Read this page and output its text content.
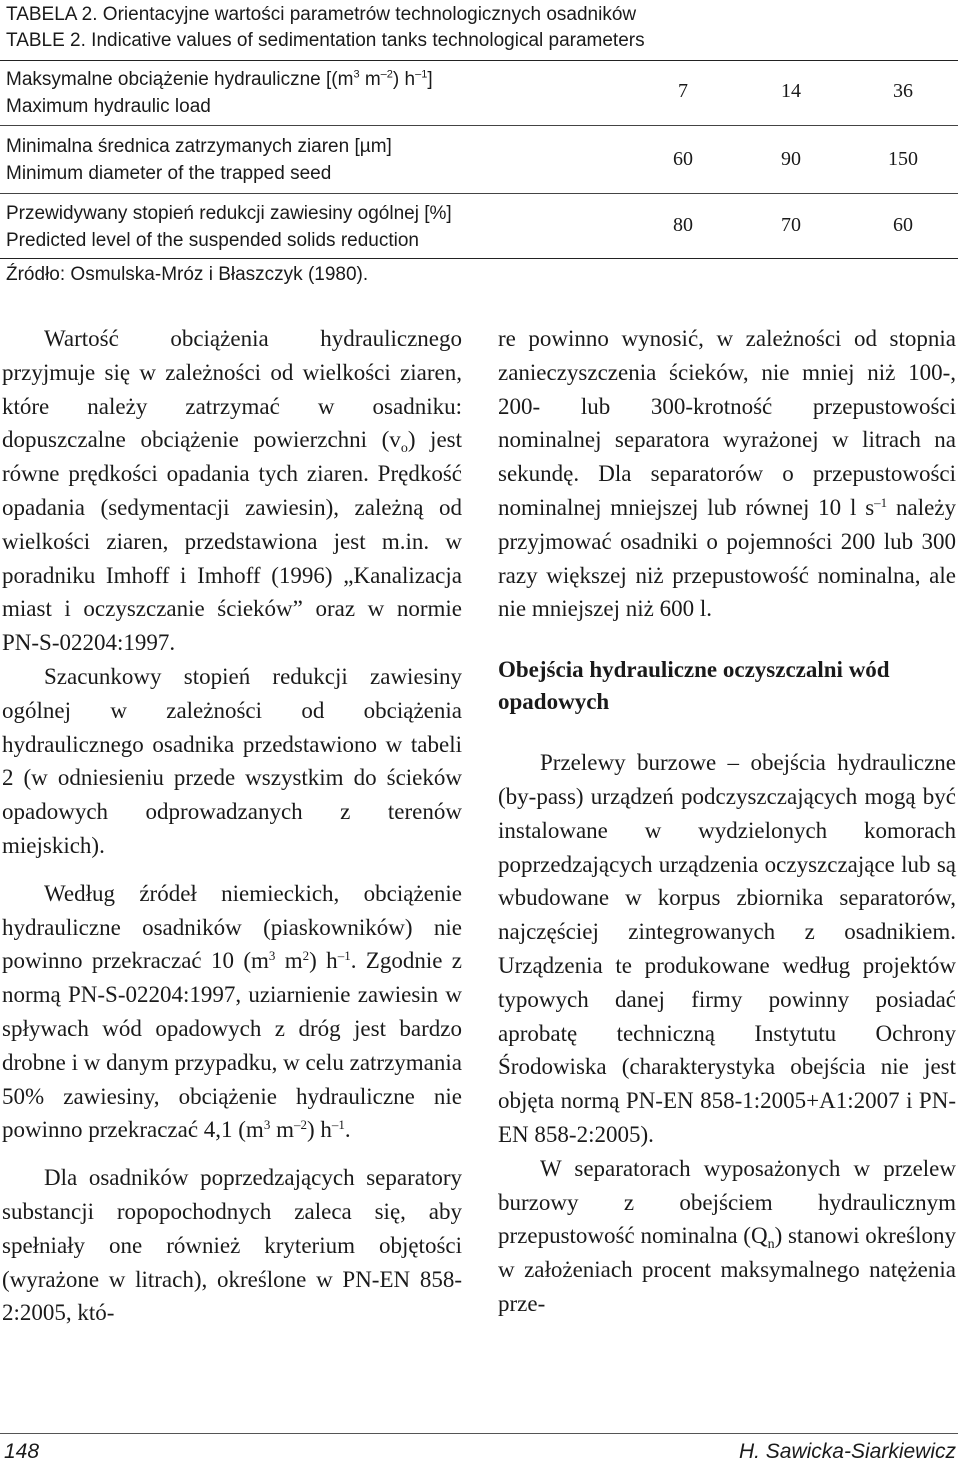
TABELA 2. Orientacyjne wartości parametrów technologicznych osadników
TABLE 2. Indicative values of sedimentation tanks technological parameters
Maksymalne obciążenie hydrauliczne [($m^3$ $m^{-2}$) $h^{-1}$]
Maximum hydraulic load
7	14	36
Minimalna średnica zatrzymanych ziaren [µm]
Minimum diameter of the trapped seed
60	90	150
Przewidywany stopień redukcji zawiesiny ogólnej [%]
Predicted level of the suspended solids reduction
80	70	60
Źródło: Osmulska-Mróz i Błaszczyk (1980).

Wartość obciążenia hydraulicznego przyjmuje się w zależności od wielkości ziaren, które należy zatrzymać w osadniku: dopuszczalne obciążenie powierzchni $(v_o)$ jest równe prędkości opadania tych ziaren. Prędkość opadania (sedymentacji zawiesin), zależną od wielkości ziaren, przedstawiona jest m.in. w poradniku Imhoff i Imhoff (1996) „Kanalizacja miast i oczyszczanie ścieków” oraz w normie PN-S-02204:1997.

Szacunkowy stopień redukcji zawiesiny ogólnej w zależności od obciążenia hydraulicznego osadnika przedstawiono w tabeli 2 (w odniesieniu przede wszystkim do ścieków opadowych odprowadzanych z terenów miejskich).

Według źródeł niemieckich, obciążenie hydrauliczne osadników (piaskowników) nie powinno przekraczać 10 ($m^3$ $m^2$) $h^{-1}$. Zgodnie z normą PN-S-02204:1997, uziarnienie zawiesin w spływach wód opadowych z dróg jest bardzo drobne i w danym przypadku, w celu zatrzymania 50% zawiesiny, obciążenie hydrauliczne nie powinno przekraczać 4,1 ($m^3$ $m^{-2}$) $h^{-1}$.

Dla osadników poprzedzających separatory substancji ropopochodnych zaleca się, aby spełniały one również kryterium objętości (wyrażone w litrach), określone w PN-EN 858-2:2005, któ-

re powinno wynosić, w zależności od stopnia zanieczyszczenia ścieków, nie mniej niż 100-, 200- lub 300-krotność przepustowości nominalnej separatora wyrażonej w litrach na sekundę. Dla separatorów o przepustowości nominalnej mniejszej lub równej 10 l $s^{-1}$ należy przyjmować osadniki o pojemności 200 lub 300 razy większej niż przepustowość nominalna, ale nie mniejszej niż 600 l.

Obejścia hydrauliczne oczyszczalni wód opadowych

Przelewy burzowe – obejścia hydrauliczne (by-pass) urządzeń podczyszczających mogą być instalowane w wydzielonych komorach poprzedzających urządzenia oczyszczające lub są wbudowane w korpus zbiornika separatorów, najczęściej zintegrowanych z osadnikiem. Urządzenia te produkowane według projektów typowych danej firmy powinny posiadać aprobatę techniczną Instytutu Ochrony Środowiska (charakterystyka obejścia nie jest objęta normą PN-EN 858-1:2005+A1:2007 i PN-EN 858-2:2005).

W separatorach wyposażonych w przelew burzowy z obejściem hydraulicznym przepustowość nominalna $(Q_n)$ stanowi określony w założeniach procent maksymalnego natężenia prze-

148	H. Sawicka-Siarkiewicz
